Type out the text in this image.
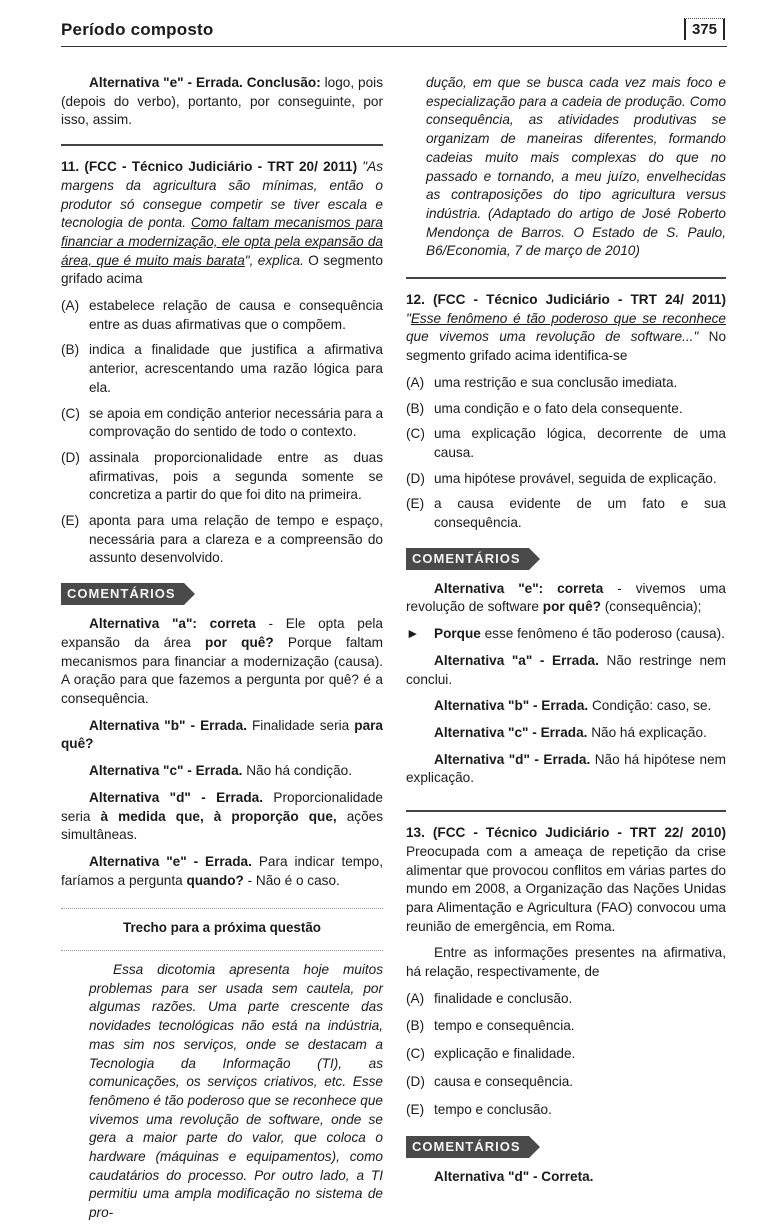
Período composto	375

Alternativa "e" - Errada. Conclusão: logo, pois (depois do verbo), portanto, por conseguinte, por isso, assim.

11. (FCC - Técnico Judiciário - TRT 20/ 2011) "As margens da agricultura são mínimas, então o produtor só consegue competir se tiver escala e tecnologia de ponta. Como faltam mecanismos para financiar a modernização, ele opta pela expansão da área, que é muito mais barata", explica. O segmento grifado acima

(A) estabelece relação de causa e consequência entre as duas afirmativas que o compõem.
(B) indica a finalidade que justifica a afirmativa anterior, acrescentando uma razão lógica para ela.
(C) se apoia em condição anterior necessária para a comprovação do sentido de todo o contexto.
(D) assinala proporcionalidade entre as duas afirmativas, pois a segunda somente se concretiza a partir do que foi dito na primeira.
(E) aponta para uma relação de tempo e espaço, necessária para a clareza e a compreensão do assunto desenvolvido.
COMENTÁRIOS

Alternativa "a": correta - Ele opta pela expansão da área por quê? Porque faltam mecanismos para financiar a modernização (causa). A oração para que fazemos a pergunta por quê? é a consequência.

Alternativa "b" - Errada. Finalidade seria para quê?

Alternativa "c" - Errada. Não há condição.

Alternativa "d" - Errada. Proporcionalidade seria à medida que, à proporção que, ações simultâneas.

Alternativa "e" - Errada. Para indicar tempo, faríamos a pergunta quando? - Não é o caso.

Trecho para a próxima questão

Essa dicotomia apresenta hoje muitos problemas para ser usada sem cautela, por algumas razões. Uma parte crescente das novidades tecnológicas não está na indústria, mas sim nos serviços, onde se destacam a Tecnologia da Informação (TI), as comunicações, os serviços criativos, etc. Esse fenômeno é tão poderoso que se reconhece que vivemos uma revolução de software, onde se gera a maior parte do valor, que coloca o hardware (máquinas e equipamentos), como caudatários do processo. Por outro lado, a TI permitiu uma ampla modificação no sistema de pro-

dução, em que se busca cada vez mais foco e especialização para a cadeia de produção. Como consequência, as atividades produtivas se organizam de maneiras diferentes, formando cadeias muito mais complexas do que no passado e tornando, a meu juízo, envelhecidas as contraposições do tipo agricultura versus indústria. (Adaptado do artigo de José Roberto Mendonça de Barros. O Estado de S. Paulo, B6/Economia, 7 de março de 2010)

12. (FCC - Técnico Judiciário - TRT 24/ 2011) "Esse fenômeno é tão poderoso que se reconhece que vivemos uma revolução de software..." No segmento grifado acima identifica-se

(A) uma restrição e sua conclusão imediata.
(B) uma condição e o fato dela consequente.
(C) uma explicação lógica, decorrente de uma causa.
(D) uma hipótese provável, seguida de explicação.
(E) a causa evidente de um fato e sua consequência.
COMENTÁRIOS

Alternativa "e": correta - vivemos uma revolução de software por quê? (consequência);

►	Porque esse fenômeno é tão poderoso (causa).

Alternativa "a" - Errada. Não restringe nem conclui.

Alternativa "b" - Errada. Condição: caso, se.

Alternativa "c" - Errada. Não há explicação.

Alternativa "d" - Errada. Não há hipótese nem explicação.

13. (FCC - Técnico Judiciário - TRT 22/ 2010) Preocupada com a ameaça de repetição da crise alimentar que provocou conflitos em várias partes do mundo em 2008, a Organização das Nações Unidas para Alimentação e Agricultura (FAO) convocou uma reunião de emergência, em Roma.

Entre as informações presentes na afirmativa, há relação, respectivamente, de

(A) finalidade e conclusão.
(B) tempo e consequência.
(C) explicação e finalidade.
(D) causa e consequência.
(E) tempo e conclusão.
COMENTÁRIOS

Alternativa "d" - Correta.
